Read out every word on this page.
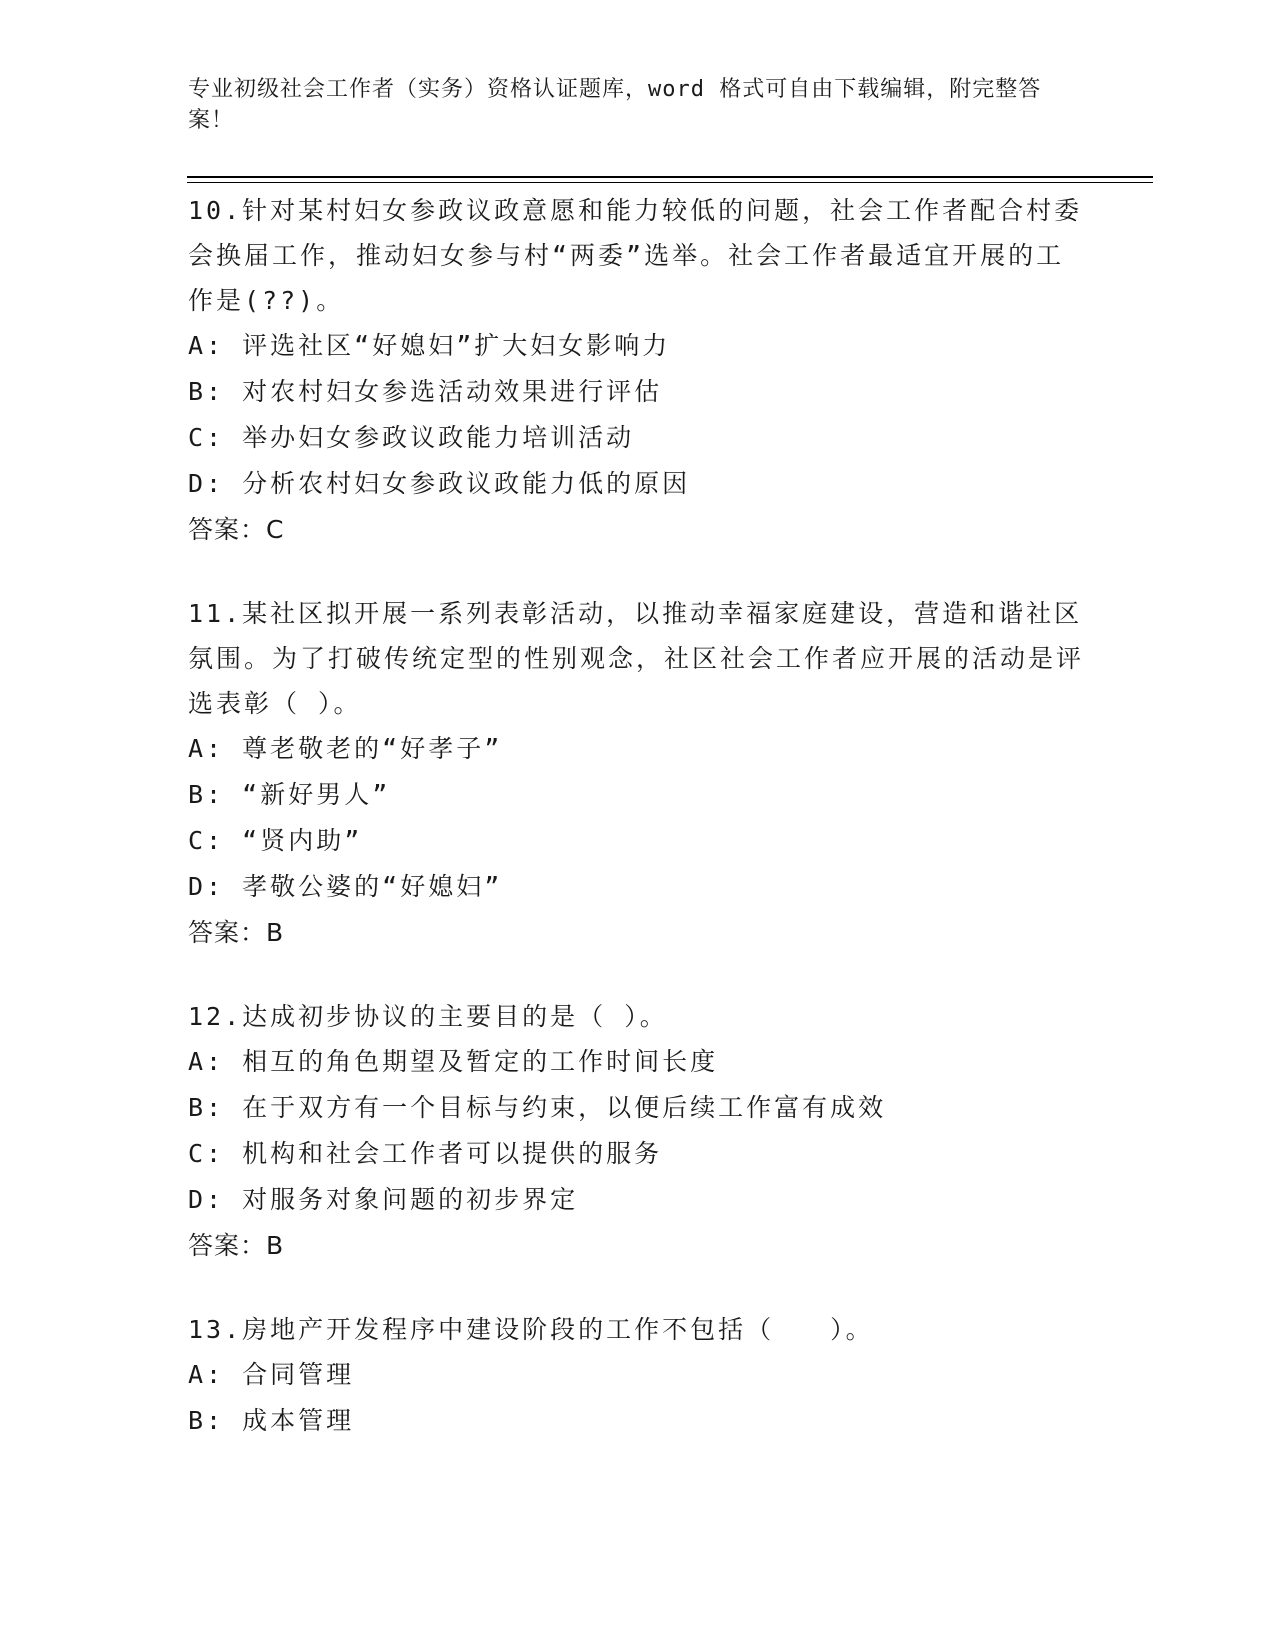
专业初级社会工作者（实务）资格认证题库，word 格式可自由下载编辑，附完整答案！
10.针对某村妇女参政议政意愿和能力较低的问题，社会工作者配合村委会换届工作，推动妇女参与村“两委”选举。社会工作者最适宜开展的工作是(??)。
A: 评选社区“好媳妇”扩大妇女影响力
B: 对农村妇女参选活动效果进行评估
C: 举办妇女参政议政能力培训活动
D: 分析农村妇女参政议政能力低的原因
答案：C
11.某社区拟开展一系列表彰活动，以推动幸福家庭建设，营造和谐社区氛围。为了打破传统定型的性别观念，社区社会工作者应开展的活动是评选表彰（ ）。
A: 尊老敬老的“好孝子”
B: “新好男人”
C: “贤内助”
D: 孝敬公婆的“好媳妇”
答案：B
12.达成初步协议的主要目的是（ ）。
A: 相互的角色期望及暂定的工作时间长度
B: 在于双方有一个目标与约束，以便后续工作富有成效
C: 机构和社会工作者可以提供的服务
D: 对服务对象问题的初步界定
答案：B
13.房地产开发程序中建设阶段的工作不包括（　　）。
A: 合同管理
B: 成本管理
